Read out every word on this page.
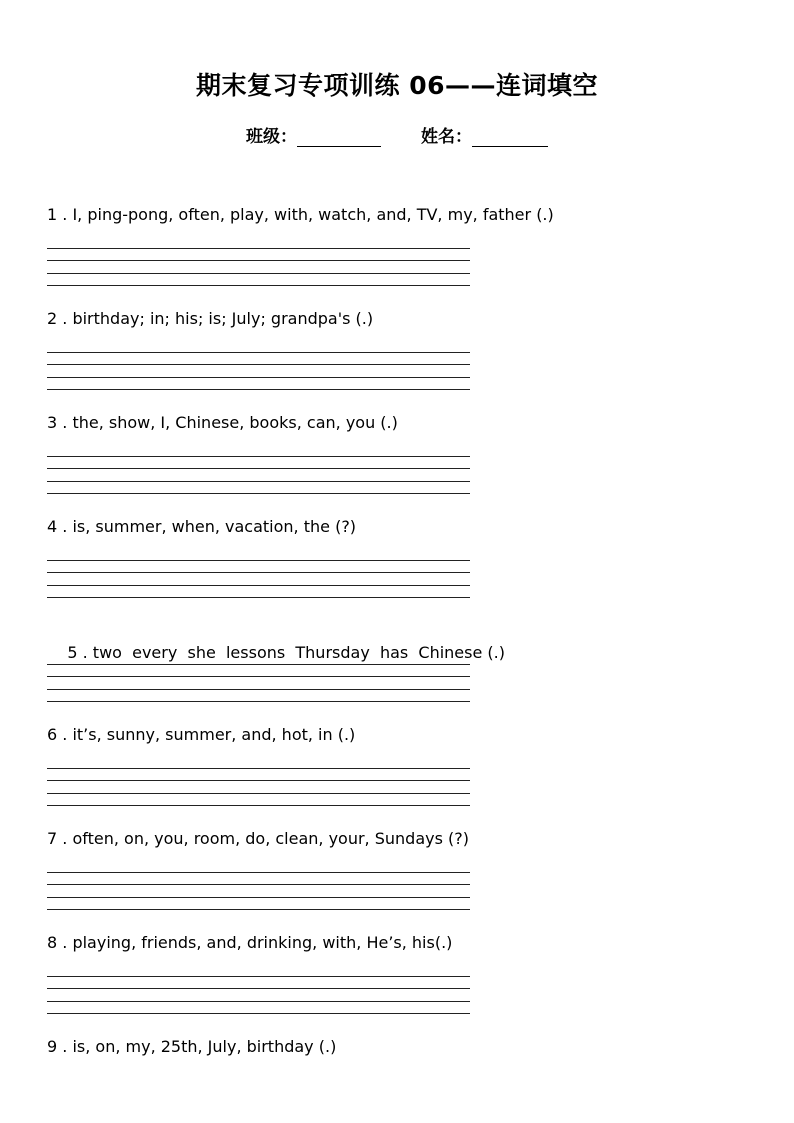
期末复习专项训练 06——连词填空
班级：	姓名：
1 . I, ping-pong, often, play, with, watch, and, TV, my, father (.)
2 . birthday; in; his; is; July; grandpa's (.)
3 . the, show, I, Chinese, books, can, you (.)
4 . is, summer, when, vacation, the (?)

5 . two  every  she  lessons  Thursday  has  Chinese (.)

6 . it’s, sunny, summer, and, hot, in (.)
7 . often, on, you, room, do, clean, your, Sundays (?)
8 . playing, friends, and, drinking, with, He’s, his(.)
9 . is, on, my, 25th, July, birthday (.)
